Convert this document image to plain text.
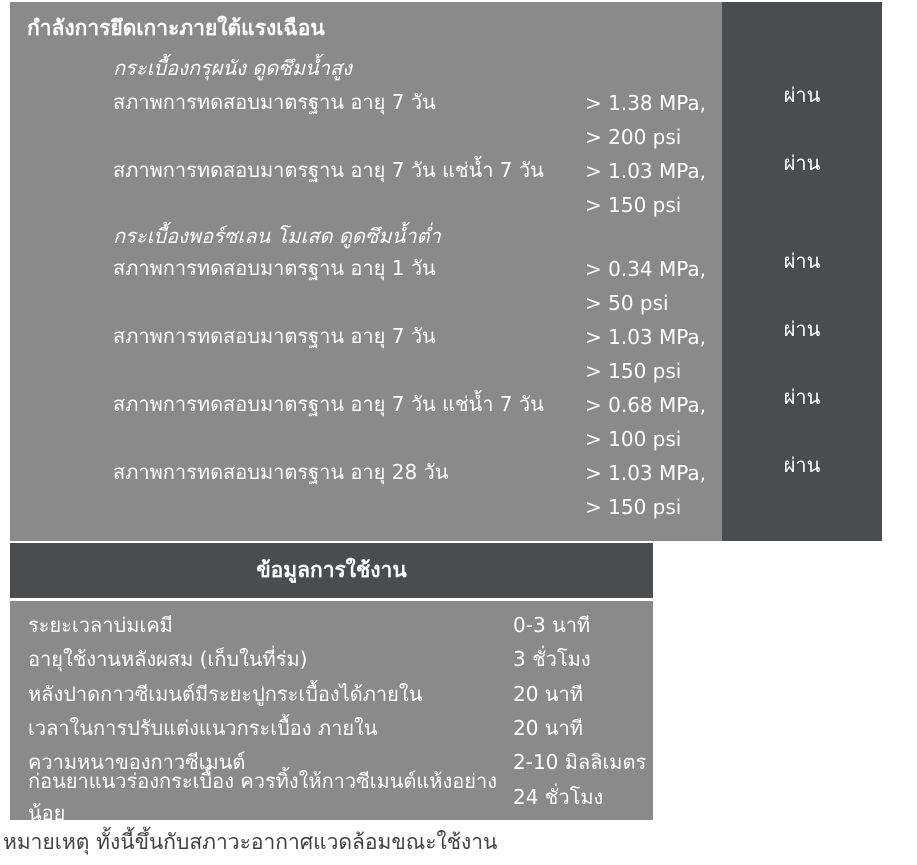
กำลังการยึดเกาะภายใต้แรงเฉือน
กระเบื้องกรุผนัง ดูดซึมน้ำสูง
สภาพการทดสอบมาตรฐาน อายุ 7 วัน	> 1.38 MPa,
> 200 psi
ผ่าน
สภาพการทดสอบมาตรฐาน อายุ 7 วัน แช่น้ำ 7 วัน	> 1.03 MPa,
> 150 psi
ผ่าน
กระเบื้องพอร์ซเลน โมเสด ดูดซึมน้ำต่ำ
สภาพการทดสอบมาตรฐาน อายุ 1 วัน	> 0.34 MPa,
> 50 psi
ผ่าน
สภาพการทดสอบมาตรฐาน อายุ 7 วัน	> 1.03 MPa,
> 150 psi
ผ่าน
สภาพการทดสอบมาตรฐาน อายุ 7 วัน แช่น้ำ 7 วัน	> 0.68 MPa,
> 100 psi
ผ่าน
สภาพการทดสอบมาตรฐาน อายุ 28 วัน	> 1.03 MPa,
> 150 psi
ผ่าน
ข้อมูลการใช้งาน
ระยะเวลาบ่มเคมี	0-3 นาที
อายุใช้งานหลังผสม (เก็บในที่ร่ม)	3 ชั่วโมง
หลังปาดกาวซีเมนต์มีระยะปูกระเบื้องได้ภายใน	20 นาที
เวลาในการปรับแต่งแนวกระเบื้อง ภายใน	20 นาที
ความหนาของกาวซีเมนต์	2-10 มิลลิเมตร
ก่อนยาแนวร่องกระเบื้อง ควรทิ้งให้กาวซีเมนต์แห้งอย่างน้อย
24 ชั่วโมง
หมายเหตุ ทั้งนี้ขึ้นกับสภาวะอากาศแวดล้อมขณะใช้งาน
